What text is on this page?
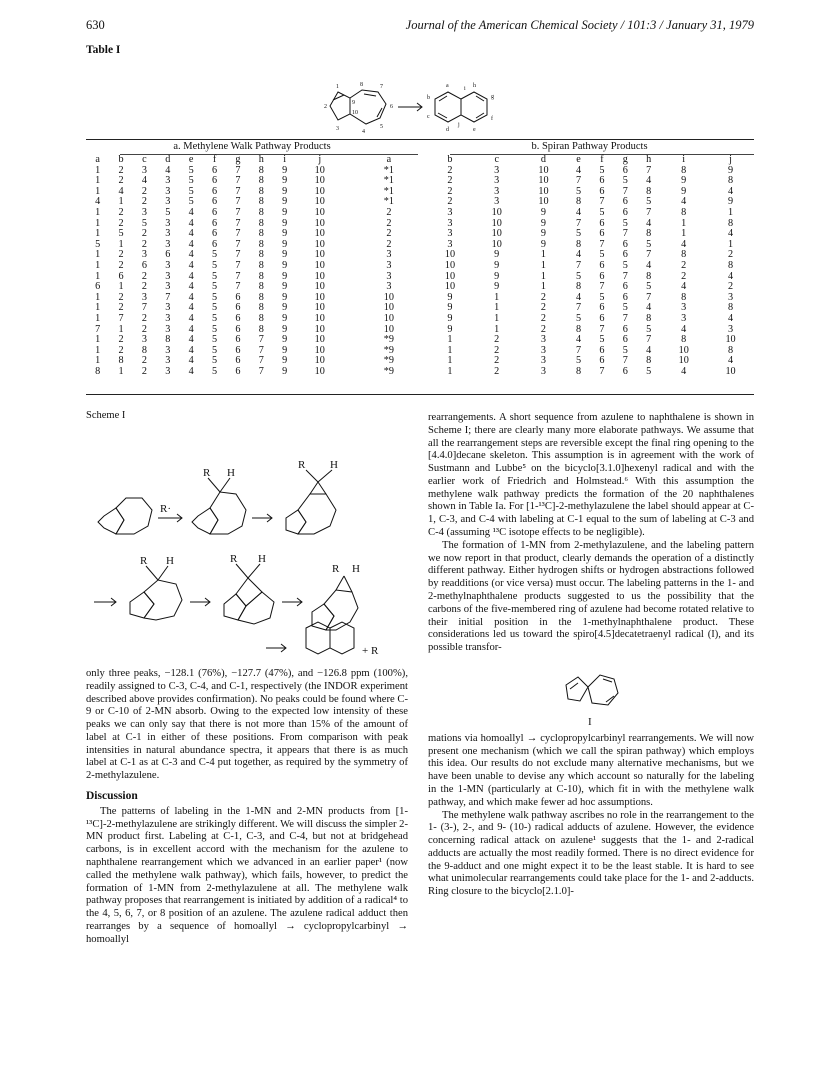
630	Journal of the American Chemical Society / 101:3 / January 31, 1979
Table I
1
2
3	4
5
6
7
8
9
10
b
c
d	e
f
g
h
a	i
j
a. Methylene Walk Pathway Products	b. Spiran Pathway Products
a	b	c	d	e	f	g	h	i	j	a	b	c	d	e	f	g	h	i	j
1	2	3	4	5	6	7	8	9	10	*1	2	3	10	4	5	6	7	8	9
1	2	4	3	5	6	7	8	9	10	*1	2	3	10	7	6	5	4	9	8
1	4	2	3	5	6	7	8	9	10	*1	2	3	10	5	6	7	8	9	4
4	1	2	3	5	6	7	8	9	10	*1	2	3	10	8	7	6	5	4	9
1	2	3	5	4	6	7	8	9	10	2	3	10	9	4	5	6	7	8	1
1	2	5	3	4	6	7	8	9	10	2	3	10	9	7	6	5	4	1	8
1	5	2	3	4	6	7	8	9	10	2	3	10	9	5	6	7	8	1	4
5	1	2	3	4	6	7	8	9	10	2	3	10	9	8	7	6	5	4	1
1	2	3	6	4	5	7	8	9	10	3	10	9	1	4	5	6	7	8	2
1	2	6	3	4	5	7	8	9	10	3	10	9	1	7	6	5	4	2	8
1	6	2	3	4	5	7	8	9	10	3	10	9	1	5	6	7	8	2	4
6	1	2	3	4	5	7	8	9	10	3	10	9	1	8	7	6	5	4	2
1	2	3	7	4	5	6	8	9	10	10	9	1	2	4	5	6	7	8	3
1	2	7	3	4	5	6	8	9	10	10	9	1	2	7	6	5	4	3	8
1	7	2	3	4	5	6	8	9	10	10	9	1	2	5	6	7	8	3	4
7	1	2	3	4	5	6	8	9	10	10	9	1	2	8	7	6	5	4	3
1	2	3	8	4	5	6	7	9	10	*9	1	2	3	4	5	6	7	8	10
1	2	8	3	4	5	6	7	9	10	*9	1	2	3	7	6	5	4	10	8
1	8	2	3	4	5	6	7	9	10	*9	1	2	3	5	6	7	8	10	4
8	1	2	3	4	5	6	7	9	10	*9	1	2	3	8	7	6	5	4	10
Scheme I
R H
R·
R H
R H	R H
R H
+ R

only three peaks, −128.1 (76%), −127.7 (47%), and −126.8 ppm (100%), readily assigned to C-3, C-4, and C-1, respectively (the INDOR experiment described above provides confirmation). No peaks could be found where C-9 or C-10 of 2-MN absorb. Owing to the expected low intensity of these peaks we can only say that there is not more than 15% of the amount of label at C-1 in either of these positions. From comparison with peak intensities in natural abundance spectra, it appears that there is as much label at C-1 as at C-3 and C-4 put together, as required by the symmetry of 2-methylazulene.

Discussion

The patterns of labeling in the 1-MN and 2-MN products from [1-¹³C]-2-methylazulene are strikingly different. We will discuss the simpler 2-MN product first. Labeling at C-1, C-3, and C-4, but not at bridgehead carbons, is in excellent accord with the mechanism for the azulene to naphthalene rearrangement which we advanced in an earlier paper¹ (now called the methylene walk pathway), which fails, however, to predict the formation of 1-MN from 2-methylazulene at all. The methylene walk pathway proposes that rearrangement is initiated by addition of a radical⁴ to the 4, 5, 6, 7, or 8 position of an azulene. The azulene radical adduct then rearranges by a sequence of homoallyl → cyclopropylcarbinyl → homoallyl

rearrangements. A short sequence from azulene to naphthalene is shown in Scheme I; there are clearly many more elaborate pathways. We assume that all the rearrangement steps are reversible except the final ring opening to the [4.4.0]decane skeleton. This assumption is in agreement with the work of Sustmann and Lubbe⁵ on the bicyclo[3.1.0]hexenyl radical and with the earlier work of Friedrich and Holmstead.⁶ With this assumption the methylene walk pathway predicts the formation of the 20 naphthalenes shown in Table Ia. For [1-¹³C]-2-methylazulene the label should appear at C-1, C-3, and C-4 with labeling at C-1 equal to the sum of labeling at C-3 and C-4 (assuming ¹³C isotope effects to be negligible).

The formation of 1-MN from 2-methylazulene, and the labeling pattern we now report in that product, clearly demands the operation of a distinctly different pathway. Either hydrogen shifts or hydrogen abstractions followed by readditions (or vice versa) must occur. The labeling patterns in the 1- and 2-methylnaphthalene products suggested to us the possibility that the carbons of the five-membered ring of azulene had become rotated relative to their initial position in the 1-methylnaphthalene product. These considerations led us toward the spiro[4.5]decatetraenyl radical (I), and its possible transfor-

I

mations via homoallyl → cyclopropylcarbinyl rearrangements. We will now present one mechanism (which we call the spiran pathway) which employs this idea. Our results do not exclude many alternative mechanisms, but we have been unable to devise any which account so naturally for the labeling in the 1-MN (particularly at C-10), which fit in with the methylene walk pathway, and which make fewer ad hoc assumptions.

The methylene walk pathway ascribes no role in the rearrangement to the 1- (3-), 2-, and 9- (10-) radical adducts of azulene. However, the evidence concerning radical attack on azulene¹ suggests that the 1- and 2-radical adducts are actually the most readily formed. There is no direct evidence for the 9-adduct and one might expect it to be the least stable. It is hard to see what unimolecular rearrangements could take place for the 1- and 2-adducts. Ring closure to the bicyclo[2.1.0]-
